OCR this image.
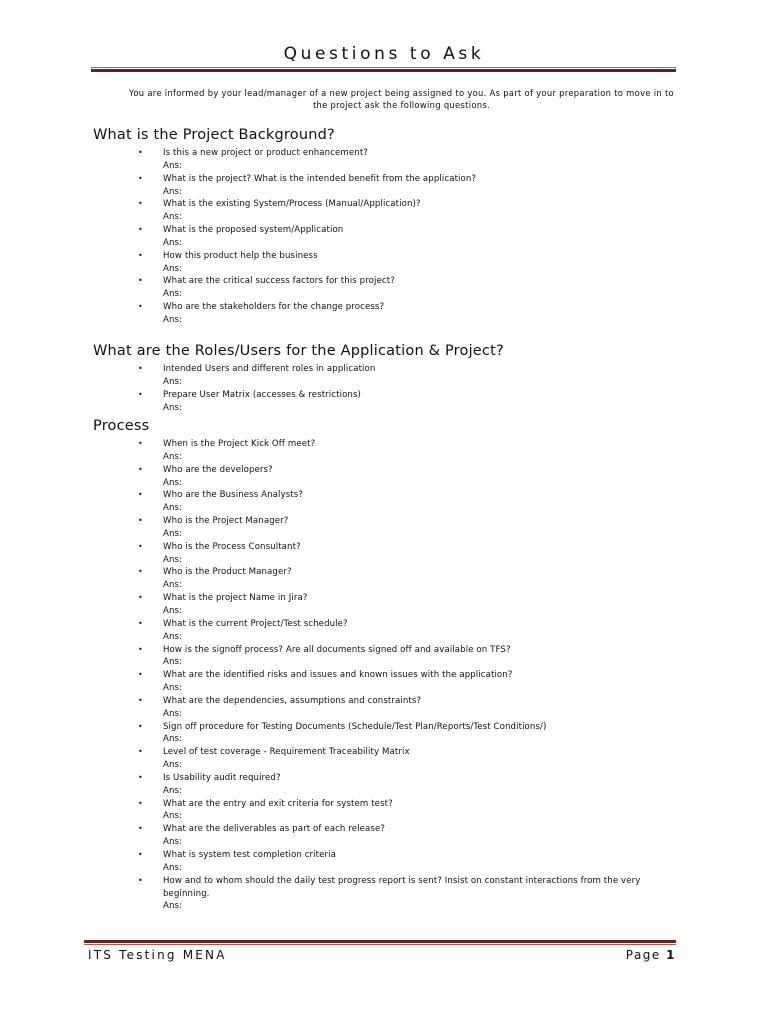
Questions to Ask
You are informed by your lead/manager of a new project being assigned to you. As part of your preparation to move in to the project ask the following questions.
What is the Project Background?
• Is this a new project or product enhancement?
Ans:
• What is the project? What is the intended benefit from the application?
Ans:
• What is the existing System/Process (Manual/Application)?
Ans:
• What is the proposed system/Application
Ans:
• How this product help the business
Ans:
• What are the critical success factors for this project?
Ans:
• Who are the stakeholders for the change process?
Ans:
What are the Roles/Users for the Application & Project?
• Intended Users and different roles in application
Ans:
• Prepare User Matrix (accesses & restrictions)
Ans:
Process
• When is the Project Kick Off meet?
Ans:
• Who are the developers?
Ans:
• Who are the Business Analysts?
Ans:
• Who is the Project Manager?
Ans:
• Who is the Process Consultant?
Ans:
• Who is the Product Manager?
Ans:
• What is the project Name in Jira?
Ans:
• What is the current Project/Test schedule?
Ans:
• How is the signoff process? Are all documents signed off and available on TFS?
Ans:
• What are the identified risks and issues and known issues with the application?
Ans:
• What are the dependencies, assumptions and constraints?
Ans:
• Sign off procedure for Testing Documents (Schedule/Test Plan/Reports/Test Conditions/)
Ans:
• Level of test coverage - Requirement Traceability Matrix
Ans:
• Is Usability audit required?
Ans:
• What are the entry and exit criteria for system test?
Ans:
• What are the deliverables as part of each release?
Ans:
• What is system test completion criteria
Ans:
• How and to whom should the daily test progress report is sent? Insist on constant interactions from the very beginning.
Ans:
ITS Testing MENA	Page 1
